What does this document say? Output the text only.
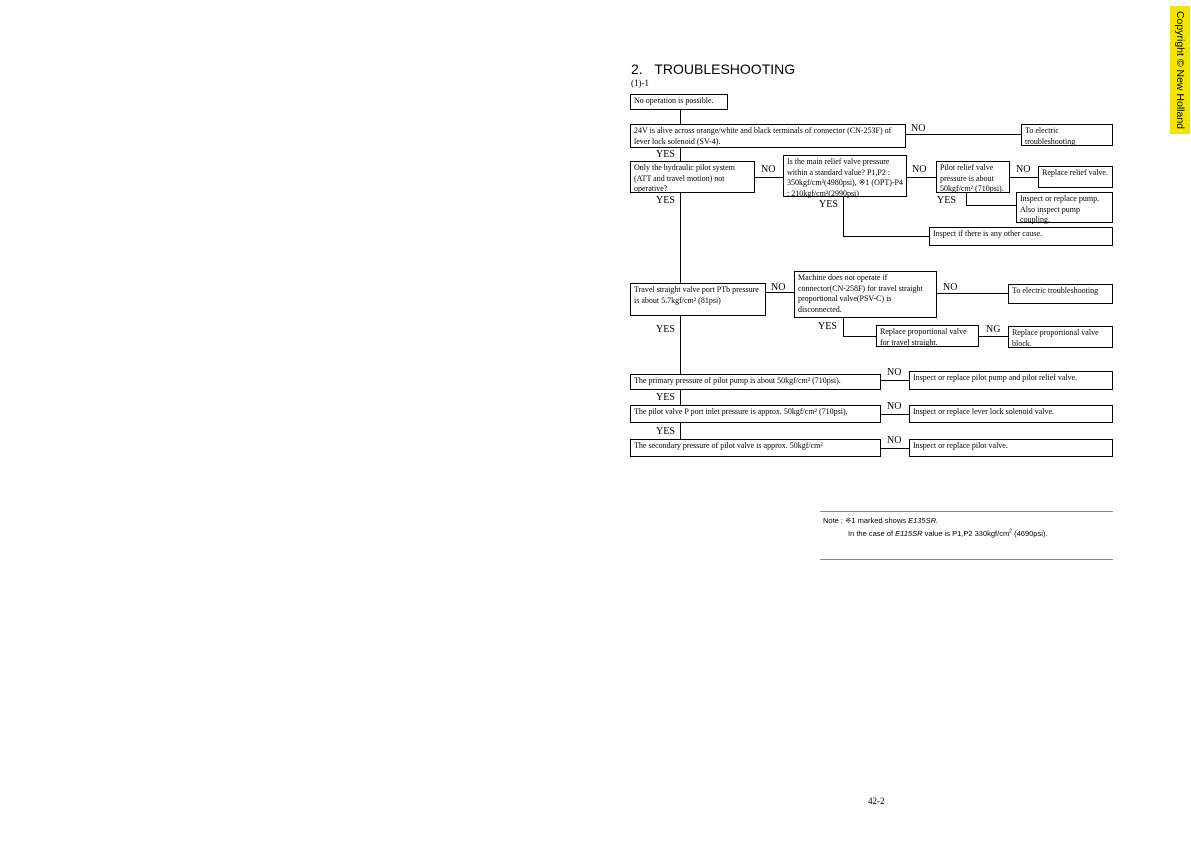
Copyright © New Holland
2.   TROUBLESHOOTING
(1)-1
No operation is possible.
24V is alive across orange/white and black terminals of connector (CN-253F) of lever lock solenoid (SV-4).
To electric troubleshooting
Only the hydraulic pilot system (ATT and travel motion) not operative?
Is the main relief valve pressure within a standard value? P1,P2 : 350kgf/cm²(4980psi), ※1 (OPT)-P4 : 210kgf/cm²(2990psi)
Pilot relief valve pressure is about 50kgf/cm² (710psi).
Replace relief valve.
Inspect or replace pump. Also inspect pump coupling.
Inspect if there is any other cause.
Travel straight valve port PTb pressure is about 5.7kgf/cm² (81psi)
Machine does not operate if connector(CN-258F) for travel straight proportional valve(PSV-C) is disconnected.
To electric troubleshooting
Replace proportional valve for travel straight.
Replace proportional valve block.
The primary pressure of pilot pump is about 50kgf/cm² (710psi).	Inspect or replace pilot pump and pilot relief valve.
The pilot valve P port inlet pressure is approx. 50kgf/cm² (710psi).	Inspect or replace lever lock solenoid valve.
The secondary pressure of pilot valve is approx. 50kgf/cm²	Inspect or replace pilot valve.
NO
YES
NO	NO	NO
YES
YES
YES
NO	NO
YES	NG
YES
NO
YES
NO
YES
NO
Note ; ※1 marked shows E135SR.
In the case of E115SR value is P1,P2 $330kgf/cm^2$ (4690psi).
42-2
